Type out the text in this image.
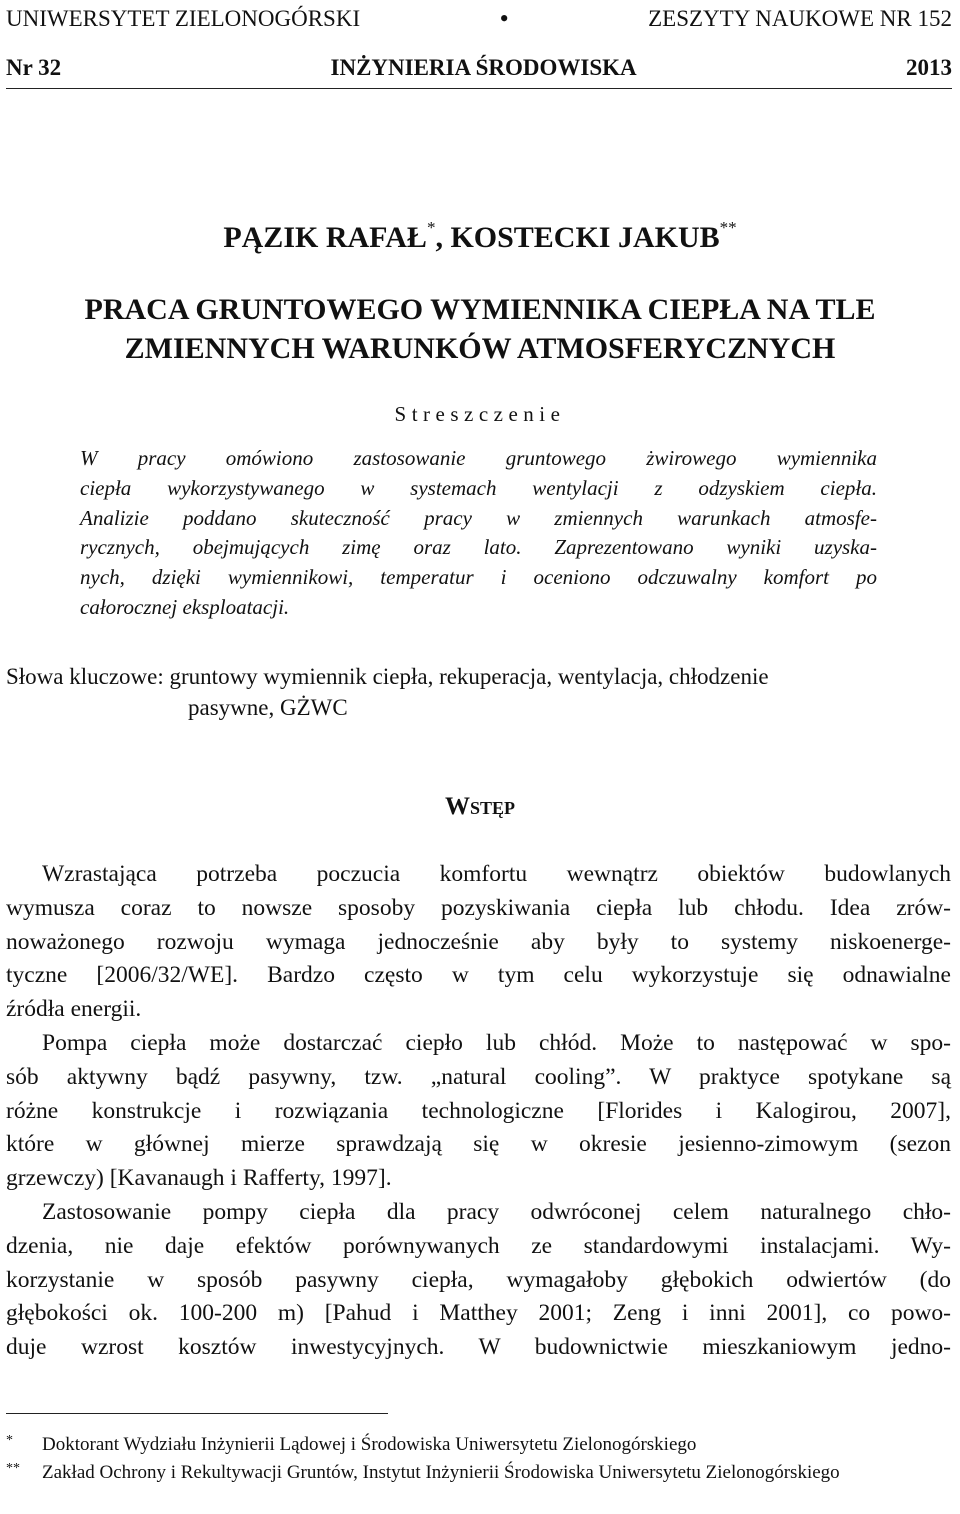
UNIWERSYTET ZIELONOGÓRSKI	•	ZESZYTY NAUKOWE NR 152
Nr 32	INŻYNIERIA ŚRODOWISKA	2013
PĄZIK RAFAŁ*, KOSTECKI JAKUB**
PRACA GRUNTOWEGO WYMIENNIKA CIEPŁA NA TLE
ZMIENNYCH WARUNKÓW ATMOSFERYCZNYCH
Streszczenie
W pracy omówiono zastosowanie gruntowego żwirowego wymiennika
ciepła wykorzystywanego w systemach wentylacji z odzyskiem ciepła.
Analizie poddano skuteczność pracy w zmiennych warunkach atmosfe-
rycznych, obejmujących zimę oraz lato. Zaprezentowano wyniki uzyska-
nych, dzięki wymiennikowi, temperatur i oceniono odczuwalny komfort po
całorocznej eksploatacji.
Słowa kluczowe: gruntowy wymiennik ciepła, rekuperacja, wentylacja, chłodzenie
pasywne, GŻWC
Wstęp
Wzrastająca potrzeba poczucia komfortu wewnątrz obiektów budowlanych
wymusza coraz to nowsze sposoby pozyskiwania ciepła lub chłodu. Idea zrów-
noważonego rozwoju wymaga jednocześnie aby były to systemy niskoenerge-
tyczne [2006/32/WE]. Bardzo często w tym celu wykorzystuje się odnawialne
źródła energii.
Pompa ciepła może dostarczać ciepło lub chłód. Może to następować w spo-
sób aktywny bądź pasywny, tzw. „natural cooling”. W praktyce spotykane są
różne konstrukcje i rozwiązania technologiczne [Florides i Kalogirou, 2007],
które w głównej mierze sprawdzają się w okresie jesienno-zimowym (sezon
grzewczy) [Kavanaugh i Rafferty, 1997].
Zastosowanie pompy ciepła dla pracy odwróconej celem naturalnego chło-
dzenia, nie daje efektów porównywanych ze standardowymi instalacjami. Wy-
korzystanie w sposób pasywny ciepła, wymagałoby głębokich odwiertów (do
głębokości ok. 100-200 m) [Pahud i Matthey 2001; Zeng i inni 2001], co powo-
duje wzrost kosztów inwestycyjnych. W budownictwie mieszkaniowym jedno-
* Doktorant Wydziału Inżynierii Lądowej i Środowiska Uniwersytetu Zielonogórskiego
** Zakład Ochrony i Rekultywacji Gruntów, Instytut Inżynierii Środowiska Uniwersytetu Zielonogórskiego
